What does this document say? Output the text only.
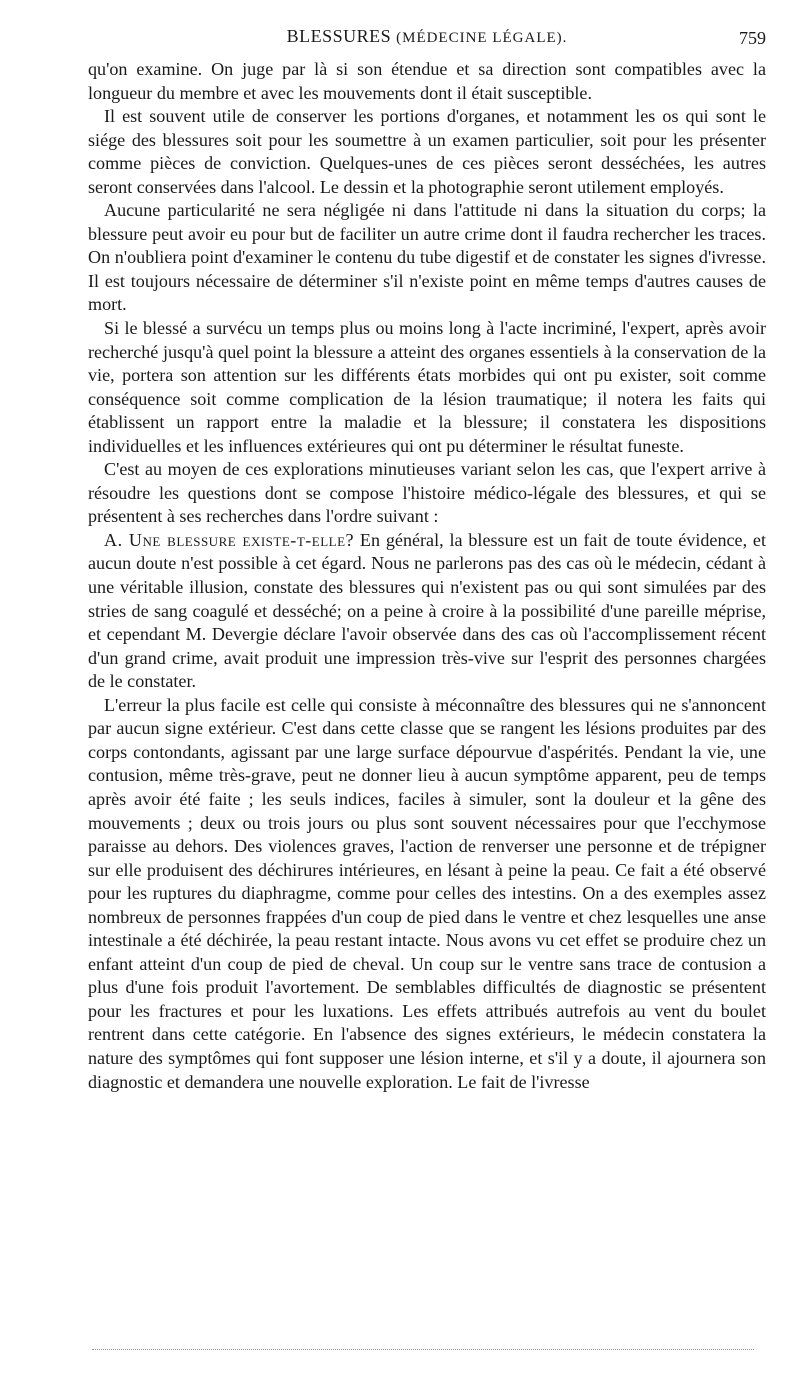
BLESSURES (MÉDECINE LÉGALE).	759

qu'on examine. On juge par là si son étendue et sa direction sont compatibles avec la longueur du membre et avec les mouvements dont il était susceptible.

Il est souvent utile de conserver les portions d'organes, et notamment les os qui sont le siége des blessures soit pour les soumettre à un examen particulier, soit pour les présenter comme pièces de conviction. Quelques-unes de ces pièces seront desséchées, les autres seront conservées dans l'alcool. Le dessin et la photographie seront utilement employés.

Aucune particularité ne sera négligée ni dans l'attitude ni dans la situation du corps; la blessure peut avoir eu pour but de faciliter un autre crime dont il faudra rechercher les traces. On n'oubliera point d'examiner le contenu du tube digestif et de constater les signes d'ivresse. Il est toujours nécessaire de déterminer s'il n'existe point en même temps d'autres causes de mort.

Si le blessé a survécu un temps plus ou moins long à l'acte incriminé, l'expert, après avoir recherché jusqu'à quel point la blessure a atteint des organes essentiels à la conservation de la vie, portera son attention sur les différents états morbides qui ont pu exister, soit comme conséquence soit comme complication de la lésion traumatique; il notera les faits qui établissent un rapport entre la maladie et la blessure; il constatera les dispositions individuelles et les influences extérieures qui ont pu déterminer le résultat funeste.

C'est au moyen de ces explorations minutieuses variant selon les cas, que l'expert arrive à résoudre les questions dont se compose l'histoire médico-légale des blessures, et qui se présentent à ses recherches dans l'ordre suivant :

A. Une blessure existe-t-elle? En général, la blessure est un fait de toute évidence, et aucun doute n'est possible à cet égard. Nous ne parlerons pas des cas où le médecin, cédant à une véritable illusion, constate des blessures qui n'existent pas ou qui sont simulées par des stries de sang coagulé et desséché; on a peine à croire à la possibilité d'une pareille méprise, et cependant M. Devergie déclare l'avoir observée dans des cas où l'accomplissement récent d'un grand crime, avait produit une impression très-vive sur l'esprit des personnes chargées de le constater.

L'erreur la plus facile est celle qui consiste à méconnaître des blessures qui ne s'annoncent par aucun signe extérieur. C'est dans cette classe que se rangent les lésions produites par des corps contondants, agissant par une large surface dépourvue d'aspérités. Pendant la vie, une contusion, même très-grave, peut ne donner lieu à aucun symptôme apparent, peu de temps après avoir été faite ; les seuls indices, faciles à simuler, sont la douleur et la gêne des mouvements ; deux ou trois jours ou plus sont souvent nécessaires pour que l'ecchymose paraisse au dehors. Des violences graves, l'action de renverser une personne et de trépigner sur elle produisent des déchirures intérieures, en lésant à peine la peau. Ce fait a été observé pour les ruptures du diaphragme, comme pour celles des intestins. On a des exemples assez nombreux de personnes frappées d'un coup de pied dans le ventre et chez lesquelles une anse intestinale a été déchirée, la peau restant intacte. Nous avons vu cet effet se produire chez un enfant atteint d'un coup de pied de cheval. Un coup sur le ventre sans trace de contusion a plus d'une fois produit l'avortement. De semblables difficultés de diagnostic se présentent pour les fractures et pour les luxations. Les effets attribués autrefois au vent du boulet rentrent dans cette catégorie. En l'absence des signes extérieurs, le médecin constatera la nature des symptômes qui font supposer une lésion interne, et s'il y a doute, il ajournera son diagnostic et demandera une nouvelle exploration. Le fait de l'ivresse
